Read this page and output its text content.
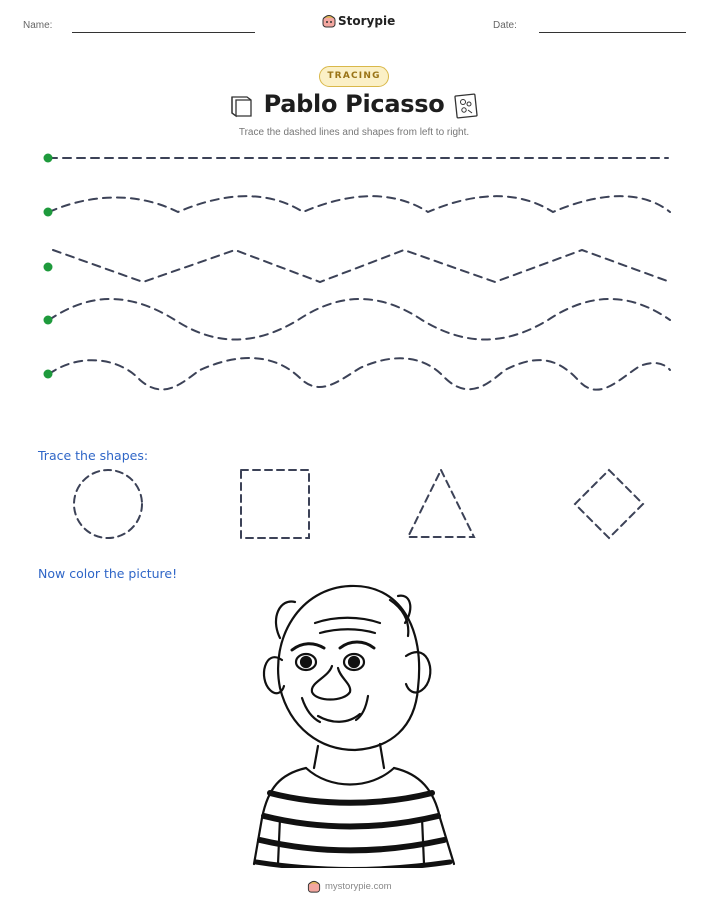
Name:	Storypie	Date:
TRACING
Pablo Picasso
Trace the dashed lines and shapes from left to right.
Trace the shapes:
Now color the picture!
mystorypie.com
